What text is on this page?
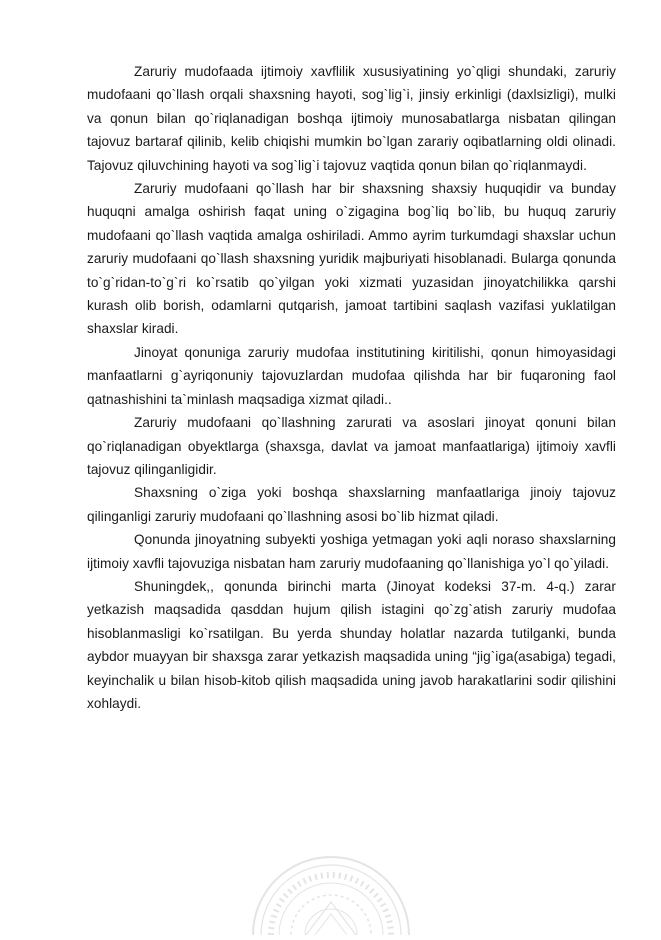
Zaruriy mudofaada ijtimoiy xavflilik xususiyatining yo`qligi shundaki, zaruriy mudofaani qo`llash orqali shaxsning hayoti, sog`lig`i, jinsiy erkinligi (daxlsizligi), mulki va qonun bilan qo`riqlanadigan boshqa ijtimoiy munosabatlarga nisbatan qilingan tajovuz bartaraf qilinib, kelib chiqishi mumkin bo`lgan zarariy oqibatlarning oldi olinadi. Tajovuz qiluvchining hayoti va sog`lig`i tajovuz vaqtida qonun bilan qo`riqlanmaydi.

Zaruriy mudofaani qo`llash har bir shaxsning shaxsiy huquqidir va bunday huquqni amalga oshirish faqat uning o`zigagina bog`liq bo`lib, bu huquq zaruriy mudofaani qo`llash vaqtida amalga oshiriladi. Ammo ayrim turkumdagi shaxslar uchun zaruriy mudofaani qo`llash shaxsning yuridik majburiyati hisoblanadi. Bularga qonunda to`g`ridan-to`g`ri ko`rsatib qo`yilgan yoki xizmati yuzasidan jinoyatchilikka qarshi kurash olib borish, odamlarni qutqarish, jamoat tartibini saqlash vazifasi yuklatilgan shaxslar kiradi.

Jinoyat qonuniga zaruriy mudofaa institutining kiritilishi, qonun himoyasidagi manfaatlarni g`ayriqonuniy tajovuzlardan mudofaa qilishda har bir fuqaroning faol qatnashishini ta`minlash maqsadiga xizmat qiladi..

Zaruriy mudofaani qo`llashning zarurati va asoslari jinoyat qonuni bilan qo`riqlanadigan obyektlarga (shaxsga, davlat va jamoat manfaatlariga) ijtimoiy xavfli tajovuz qilinganligidir.

Shaxsning o`ziga yoki boshqa shaxslarning manfaatlariga jinoiy tajovuz qilinganligi zaruriy mudofaani qo`llashning asosi bo`lib hizmat qiladi.

Qonunda jinoyatning subyekti yoshiga yetmagan yoki aqli noraso shaxslarning ijtimoiy xavfli tajovuziga nisbatan ham zaruriy mudofaaning qo`llanishiga yo`l qo`yiladi.

Shuningdek,, qonunda birinchi marta (Jinoyat kodeksi 37-m. 4-q.) zarar yetkazish maqsadida qasddan hujum qilish istagini qo`zg`atish zaruriy mudofaa hisoblanmasligi ko`rsatilgan. Bu yerda shunday holatlar nazarda tutilganki, bunda aybdor muayyan bir shaxsga zarar yetkazish maqsadida uning “jig`iga(asabiga) tegadi, keyinchalik u bilan hisob-kitob qilish maqsadida uning javob harakatlarini sodir qilishini xohlaydi.
